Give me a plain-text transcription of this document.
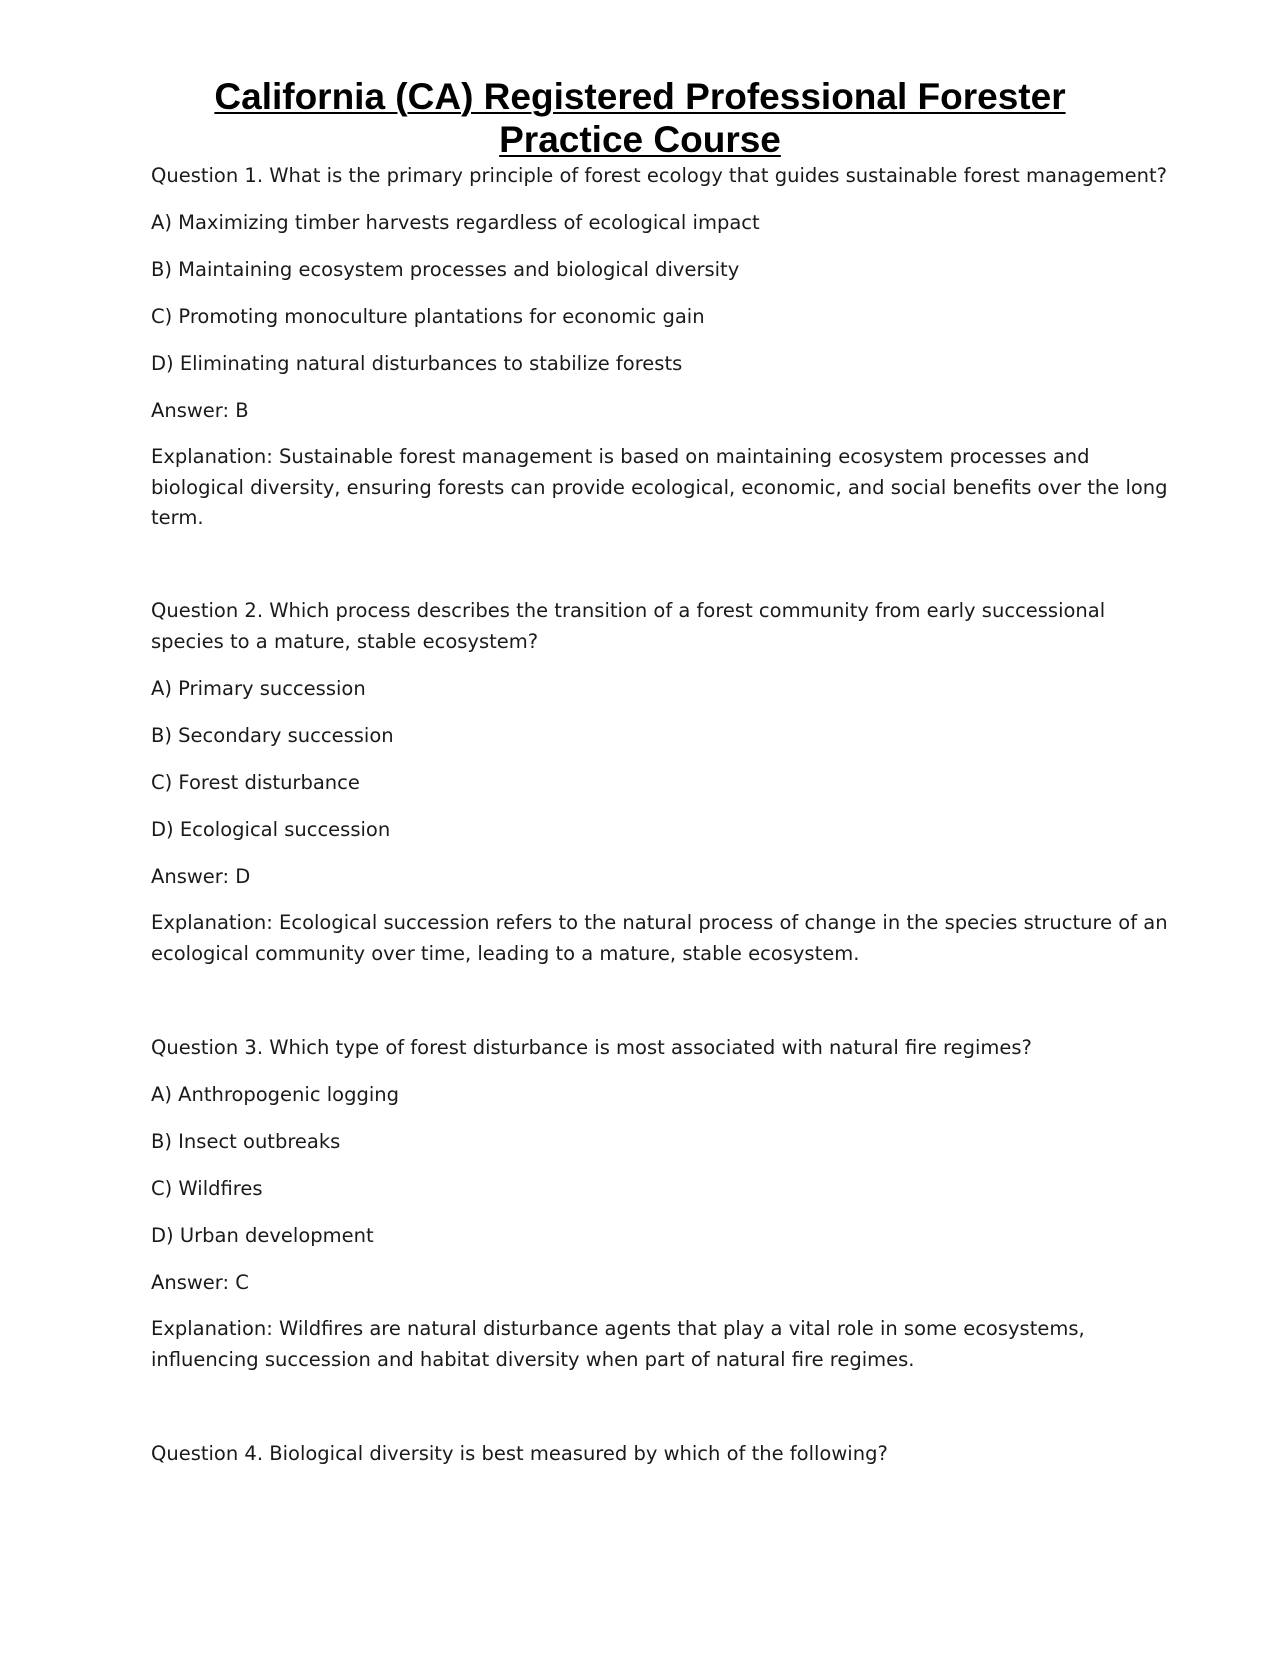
California (CA) Registered Professional Forester
Practice Course
Question 1. What is the primary principle of forest ecology that guides sustainable forest management?
A) Maximizing timber harvests regardless of ecological impact
B) Maintaining ecosystem processes and biological diversity
C) Promoting monoculture plantations for economic gain
D) Eliminating natural disturbances to stabilize forests
Answer: B
Explanation: Sustainable forest management is based on maintaining ecosystem processes and
biological diversity, ensuring forests can provide ecological, economic, and social benefits over the long
term.
Question 2. Which process describes the transition of a forest community from early successional
species to a mature, stable ecosystem?
A) Primary succession
B) Secondary succession
C) Forest disturbance
D) Ecological succession
Answer: D
Explanation: Ecological succession refers to the natural process of change in the species structure of an
ecological community over time, leading to a mature, stable ecosystem.
Question 3. Which type of forest disturbance is most associated with natural fire regimes?
A) Anthropogenic logging
B) Insect outbreaks
C) Wildfires
D) Urban development
Answer: C
Explanation: Wildfires are natural disturbance agents that play a vital role in some ecosystems,
influencing succession and habitat diversity when part of natural fire regimes.
Question 4. Biological diversity is best measured by which of the following?
